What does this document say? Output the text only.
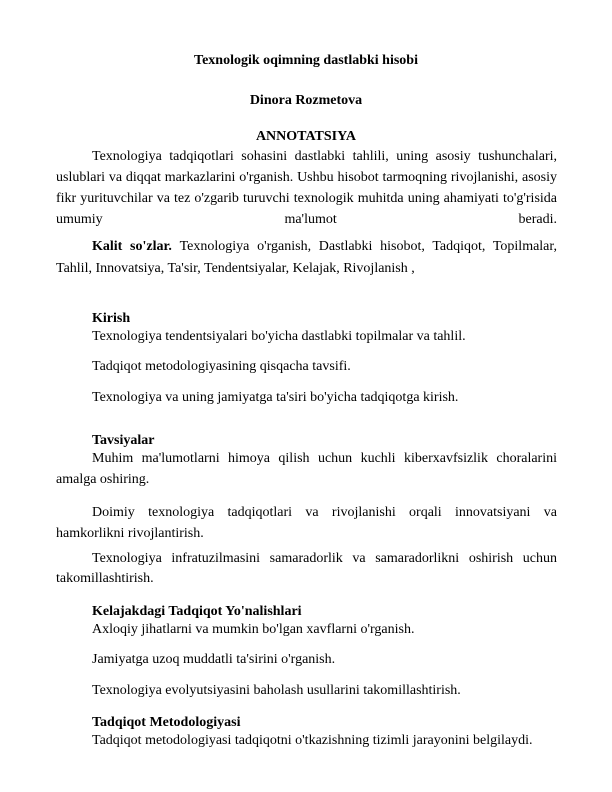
Texnologik oqimning dastlabki hisobi
Dinora Rozmetova
ANNOTATSIYA
Texnologiya tadqiqotlari sohasini dastlabki tahlili, uning asosiy tushunchalari,
uslublari va diqqat markazlarini o'rganish. Ushbu hisobot tarmoqning rivojlanishi, asosiy
fikr yurituvchilar va tez o'zgarib turuvchi texnologik muhitda uning ahamiyati to'g'risida
umumiy	ma'lumot	beradi.
Kalit so'zlar. Texnologiya o'rganish, Dastlabki hisobot, Tadqiqot, Topilmalar,
Tahlil, Innovatsiya, Ta'sir, Tendentsiyalar, Kelajak, Rivojlanish ,
Kirish
Texnologiya tendentsiyalari bo'yicha dastlabki topilmalar va tahlil.
Tadqiqot metodologiyasining qisqacha tavsifi.
Texnologiya va uning jamiyatga ta'siri bo'yicha tadqiqotga kirish.
Tavsiyalar
Muhim ma'lumotlarni himoya qilish uchun kuchli kiberxavfsizlik choralarini
amalga oshiring.
Doimiy texnologiya tadqiqotlari va rivojlanishi orqali innovatsiyani va
hamkorlikni rivojlantirish.
Texnologiya infratuzilmasini samaradorlik va samaradorlikni oshirish uchun
takomillashtirish.
Kelajakdagi Tadqiqot Yo'nalishlari
Axloqiy jihatlarni va mumkin bo'lgan xavflarni o'rganish.
Jamiyatga uzoq muddatli ta'sirini o'rganish.
Texnologiya evolyutsiyasini baholash usullarini takomillashtirish.
Tadqiqot Metodologiyasi
Tadqiqot metodologiyasi tadqiqotni o'tkazishning tizimli jarayonini belgilaydi.
